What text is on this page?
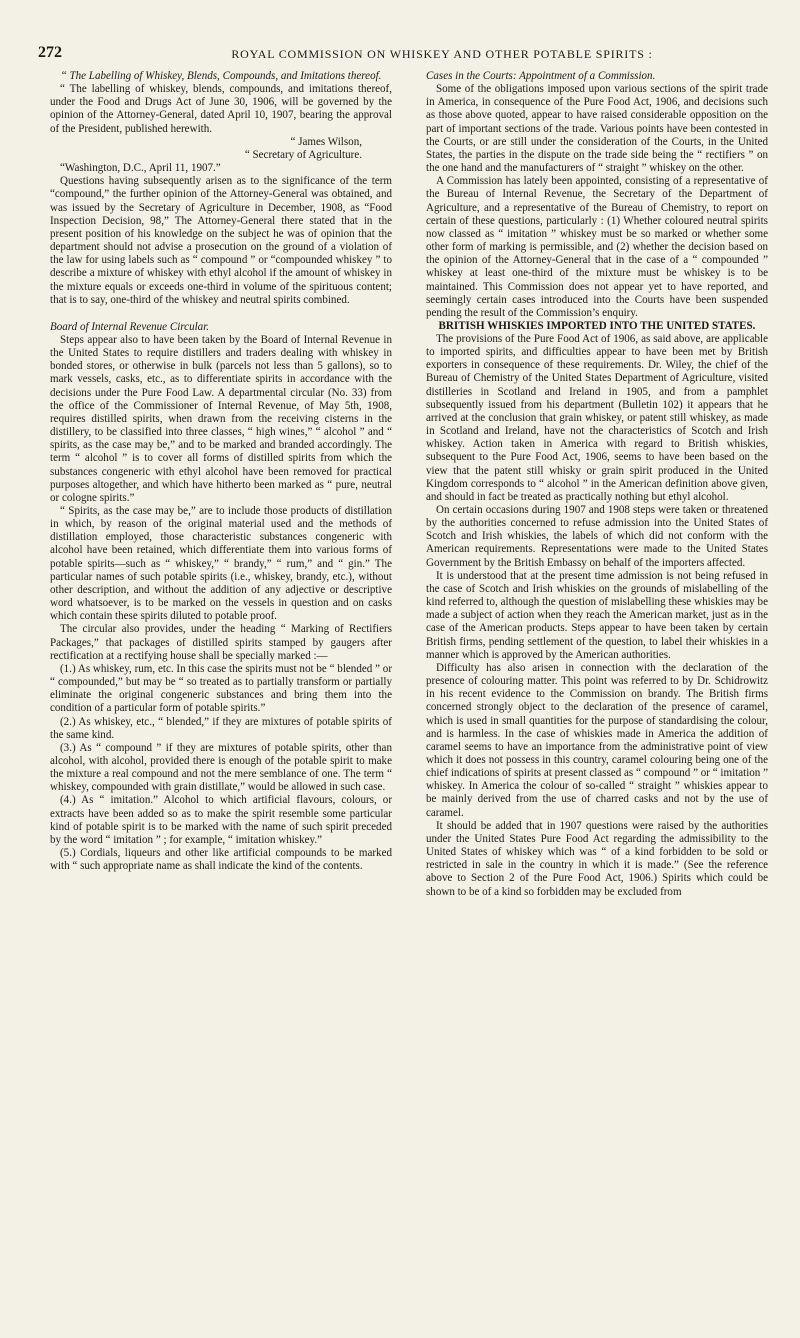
272	ROYAL COMMISSION ON WHISKEY AND OTHER POTABLE SPIRITS :

“ The Labelling of Whiskey, Blends, Compounds, and Imitations thereof.

“ The labelling of whiskey, blends, compounds, and imitations thereof, under the Food and Drugs Act of June 30, 1906, will be governed by the opinion of the Attorney-General, dated April 10, 1907, bearing the approval of the President, published herewith.

“ James Wilson,

“ Secretary of Agriculture.

“Washington, D.C., April 11, 1907.”

Questions having subsequently arisen as to the significance of the term “compound,” the further opinion of the Attorney-General was obtained, and was issued by the Secretary of Agriculture in December, 1908, as “Food Inspection Decision, 98,” The Attorney-General there stated that in the present position of his knowledge on the subject he was of opinion that the department should not advise a prosecution on the ground of a violation of the law for using labels such as “ compound ” or “compounded whiskey ” to describe a mixture of whiskey with ethyl alcohol if the amount of whiskey in the mixture equals or exceeds one-third in volume of the spirituous content; that is to say, one-third of the whiskey and neutral spirits combined.

Board of Internal Revenue Circular.

Steps appear also to have been taken by the Board of Internal Revenue in the United States to require distillers and traders dealing with whiskey in bonded stores, or otherwise in bulk (parcels not less than 5 gallons), so to mark vessels, casks, etc., as to differentiate spirits in accordance with the decisions under the Pure Food Law. A departmental circular (No. 33) from the office of the Commissioner of Internal Revenue, of May 5th, 1908, requires distilled spirits, when drawn from the receiving cisterns in the distillery, to be classified into three classes, “ high wines,” “ alcohol ” and “ spirits, as the case may be,” and to be marked and branded accordingly. The term “ alcohol ” is to cover all forms of distilled spirits from which the substances congeneric with ethyl alcohol have been removed for practical purposes altogether, and which have hitherto been marked as “ pure, neutral or cologne spirits.”

“ Spirits, as the case may be,” are to include those products of distillation in which, by reason of the original material used and the methods of distillation employed, those characteristic substances congeneric with alcohol have been retained, which differentiate them into various forms of potable spirits—such as “ whiskey,” “ brandy,” “ rum,” and “ gin.” The particular names of such potable spirits (i.e., whiskey, brandy, etc.), without other description, and without the addition of any adjective or descriptive word whatsoever, is to be marked on the vessels in question and on casks which contain these spirits diluted to potable proof.

The circular also provides, under the heading “ Marking of Rectifiers Packages,” that packages of distilled spirits stamped by gaugers after rectification at a rectifying house shall be specially marked :—

(1.) As whiskey, rum, etc. In this case the spirits must not be “ blended ” or “ compounded,” but may be “ so treated as to partially transform or partially eliminate the original congeneric substances and bring them into the condition of a particular form of potable spirits.”

(2.) As whiskey, etc., “ blended,” if they are mixtures of potable spirits of the same kind.

(3.) As “ compound ” if they are mixtures of potable spirits, other than alcohol, with alcohol, provided there is enough of the potable spirit to make the mixture a real compound and not the mere semblance of one. The term “ whiskey, compounded with grain distillate,” would be allowed in such case.

(4.) As “ imitation.” Alcohol to which artificial flavours, colours, or extracts have been added so as to make the spirit resemble some particular kind of potable spirit is to be marked with the name of such spirit preceded by the word “ imitation ” ; for example, “ imitation whiskey.”

(5.) Cordials, liqueurs and other like artificial compounds to be marked with “ such appropriate name as shall indicate the kind of the contents.

Cases in the Courts: Appointment of a Commission.

Some of the obligations imposed upon various sections of the spirit trade in America, in consequence of the Pure Food Act, 1906, and decisions such as those above quoted, appear to have raised considerable opposition on the part of important sections of the trade. Various points have been contested in the Courts, or are still under the consideration of the Courts, in the United States, the parties in the dispute on the trade side being the “ rectifiers ” on the one hand and the manufacturers of “ straight ” whiskey on the other.

A Commission has lately been appointed, consisting of a representative of the Bureau of Internal Revenue, the Secretary of the Department of Agriculture, and a representative of the Bureau of Chemistry, to report on certain of these questions, particularly : (1) Whether coloured neutral spirits now classed as “ imitation ” whiskey must be so marked or whether some other form of marking is permissible, and (2) whether the decision based on the opinion of the Attorney-General that in the case of a “ compounded ” whiskey at least one-third of the mixture must be whiskey is to be maintained. This Commission does not appear yet to have reported, and seemingly certain cases introduced into the Courts have been suspended pending the result of the Commission’s enquiry.

BRITISH WHISKIES IMPORTED INTO THE UNITED STATES.

The provisions of the Pure Food Act of 1906, as said above, are applicable to imported spirits, and difficulties appear to have been met by British exporters in consequence of these requirements. Dr. Wiley, the chief of the Bureau of Chemistry of the United States Department of Agriculture, visited distilleries in Scotland and Ireland in 1905, and from a pamphlet subsequently issued from his department (Bulletin 102) it appears that he arrived at the conclusion that grain whiskey, or patent still whiskey, as made in Scotland and Ireland, have not the characteristics of Scotch and Irish whiskey. Action taken in America with regard to British whiskies, subsequent to the Pure Food Act, 1906, seems to have been based on the view that the patent still whisky or grain spirit produced in the United Kingdom corresponds to “ alcohol ” in the American definition above given, and should in fact be treated as practically nothing but ethyl alcohol.

On certain occasions during 1907 and 1908 steps were taken or threatened by the authorities concerned to refuse admission into the United States of Scotch and Irish whiskies, the labels of which did not conform with the American requirements. Representations were made to the United States Government by the British Embassy on behalf of the importers affected.

It is understood that at the present time admission is not being refused in the case of Scotch and Irish whiskies on the grounds of mislabelling of the kind referred to, although the question of mislabelling these whiskies may be made a subject of action when they reach the American market, just as in the case of the American products. Steps appear to have been taken by certain British firms, pending settlement of the question, to label their whiskies in a manner which is approved by the American authorities.

Difficulty has also arisen in connection with the declaration of the presence of colouring matter. This point was referred to by Dr. Schidrowitz in his recent evidence to the Commission on brandy. The British firms concerned strongly object to the declaration of the presence of caramel, which is used in small quantities for the purpose of standardising the colour, and is harmless. In the case of whiskies made in America the addition of caramel seems to have an importance from the administrative point of view which it does not possess in this country, caramel colouring being one of the chief indications of spirits at present classed as “ compound ” or “ imitation ” whiskey. In America the colour of so-called “ straight ” whiskies appear to be mainly derived from the use of charred casks and not by the use of caramel.

It should be added that in 1907 questions were raised by the authorities under the United States Pure Food Act regarding the admissibility to the United States of whiskey which was “ of a kind forbidden to be sold or restricted in sale in the country in which it is made.” (See the reference above to Section 2 of the Pure Food Act, 1906.) Spirits which could be shown to be of a kind so forbidden may be excluded from
